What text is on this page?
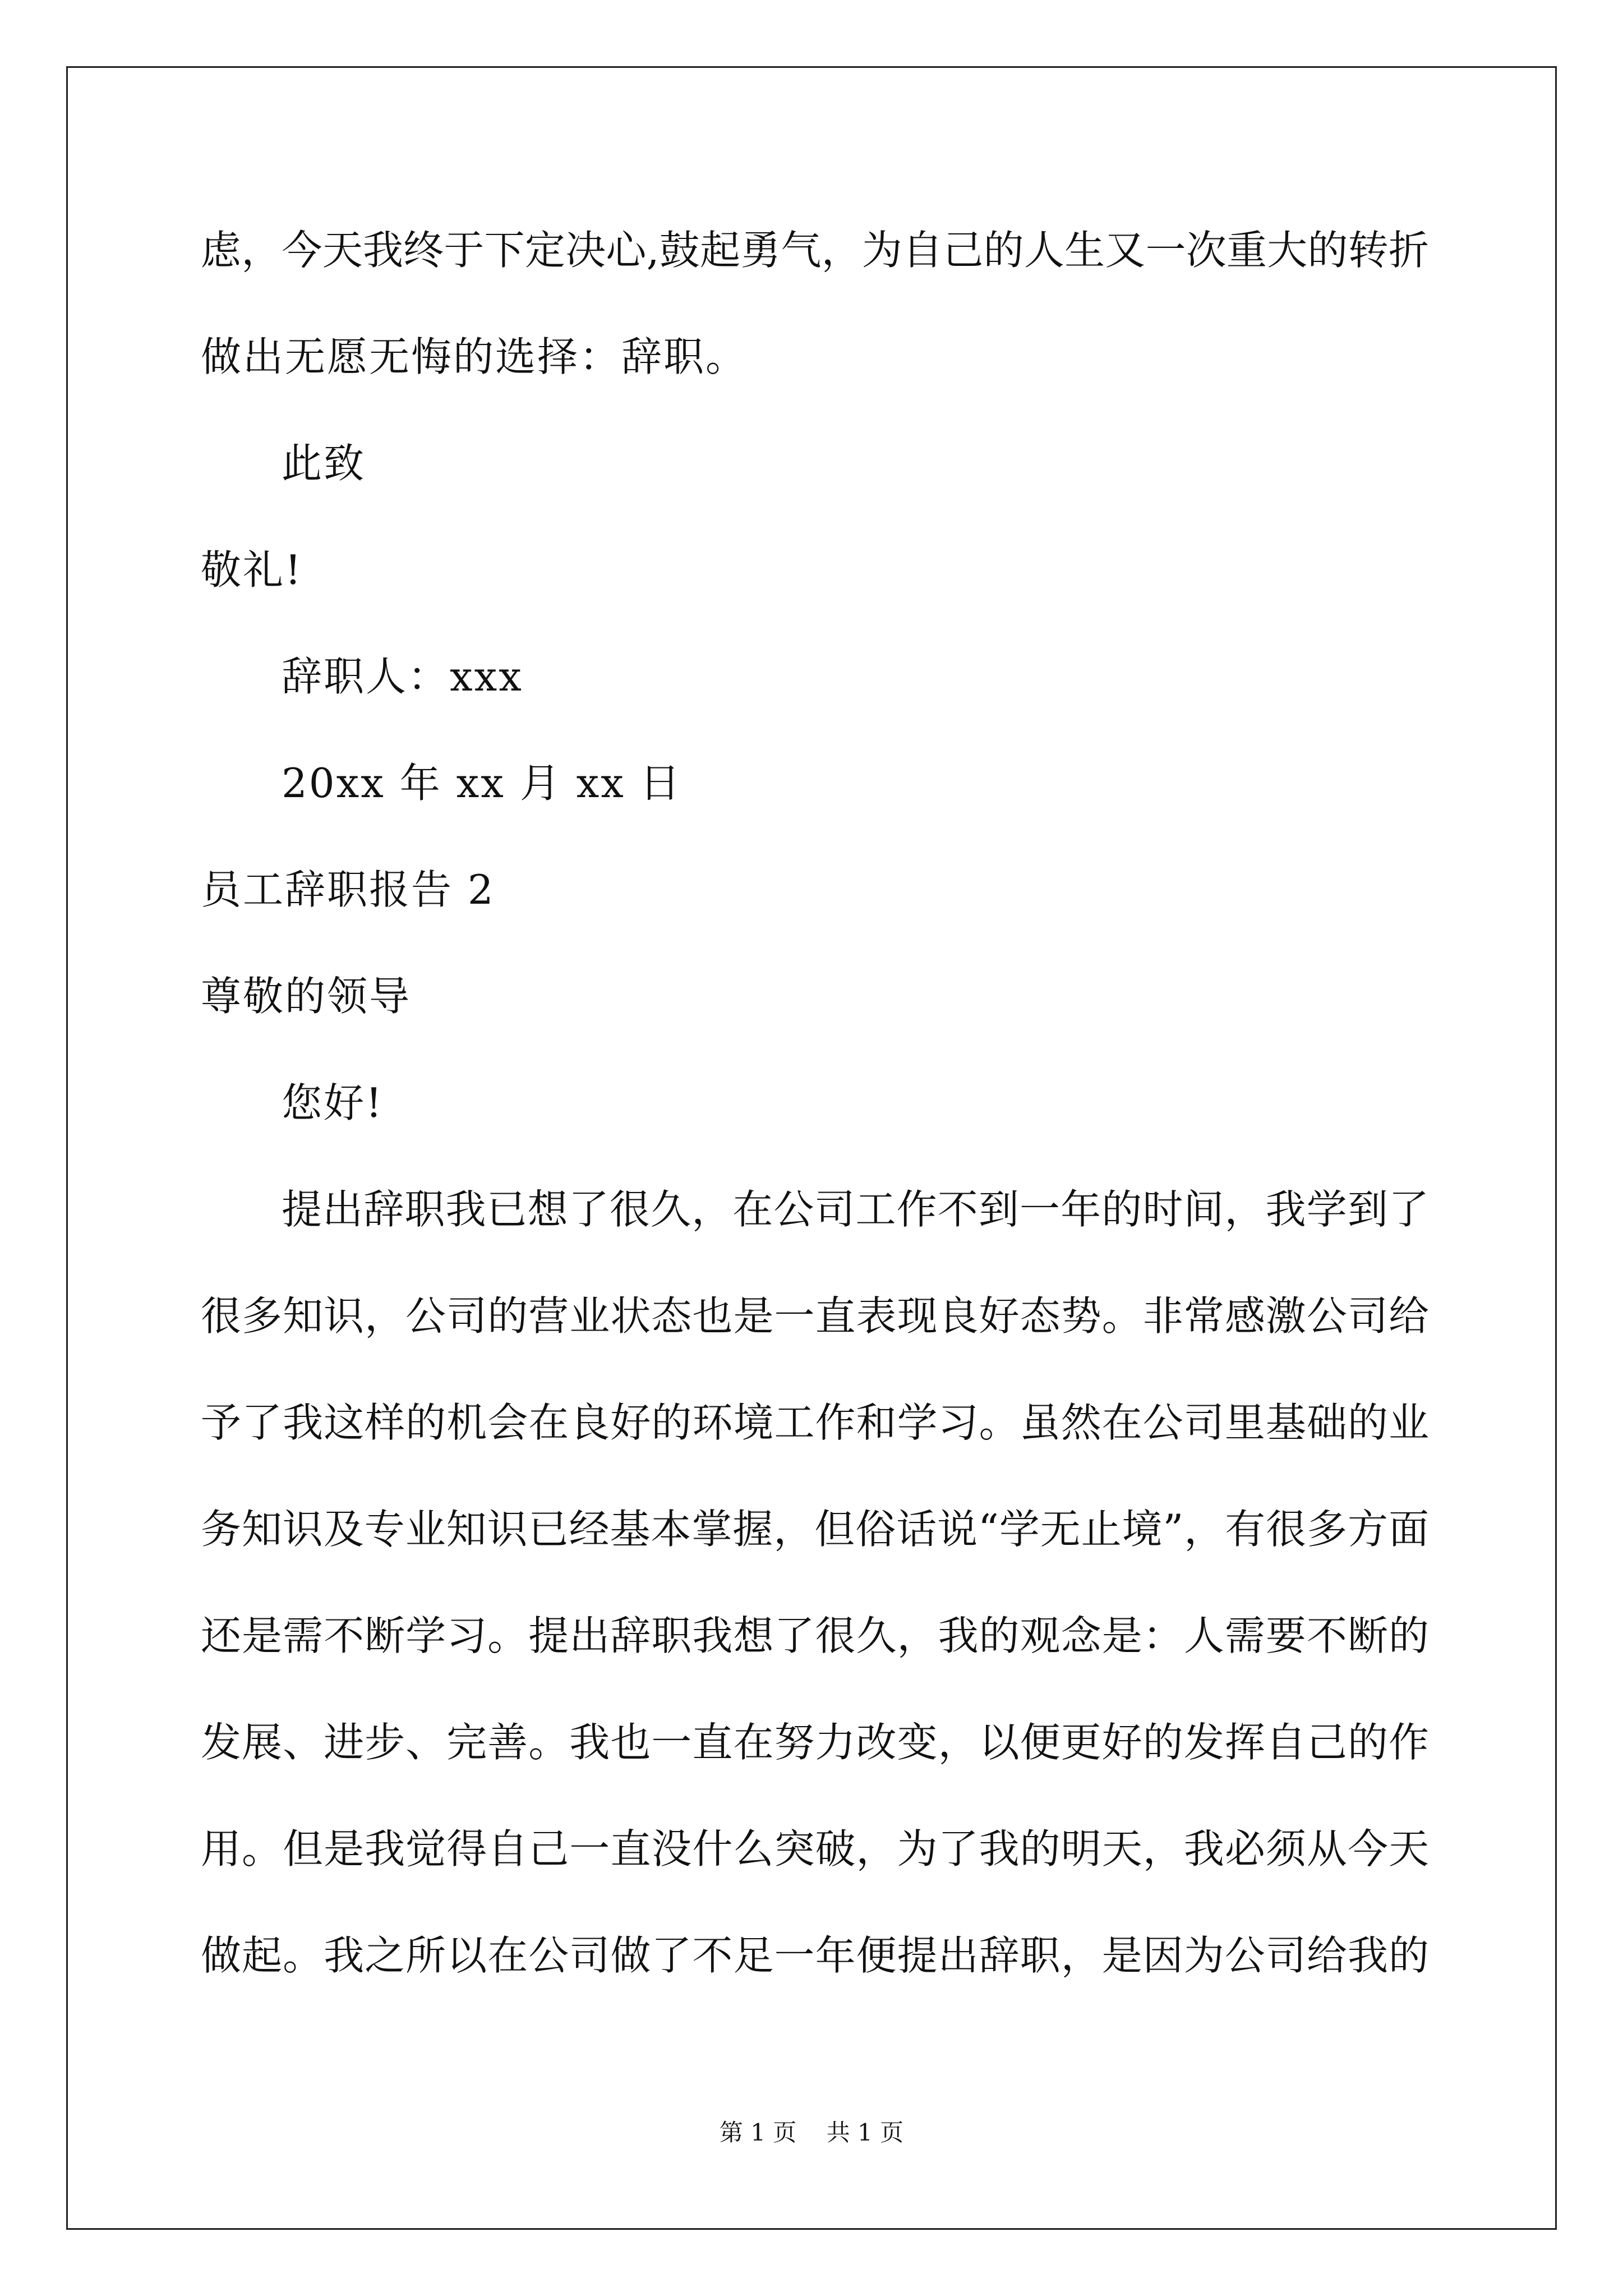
虑，今天我终于下定决心,鼓起勇气，为自己的人生又一次重大的转折

做出无愿无悔的选择：辞职。

此致

敬礼!

辞职人：xxx

20xx 年 xx 月 xx 日

员工辞职报告 2

尊敬的领导

您好!

提出辞职我已想了很久，在公司工作不到一年的时间，我学到了

很多知识，公司的营业状态也是一直表现良好态势。非常感激公司给

予了我这样的机会在良好的环境工作和学习。虽然在公司里基础的业

务知识及专业知识已经基本掌握，但俗话说“学无止境”，有很多方面

还是需不断学习。提出辞职我想了很久，我的观念是：人需要不断的

发展、进步、完善。我也一直在努力改变，以便更好的发挥自己的作

用。但是我觉得自己一直没什么突破，为了我的明天，我必须从今天

做起。我之所以在公司做了不足一年便提出辞职，是因为公司给我的

第 1 页    共 1 页
